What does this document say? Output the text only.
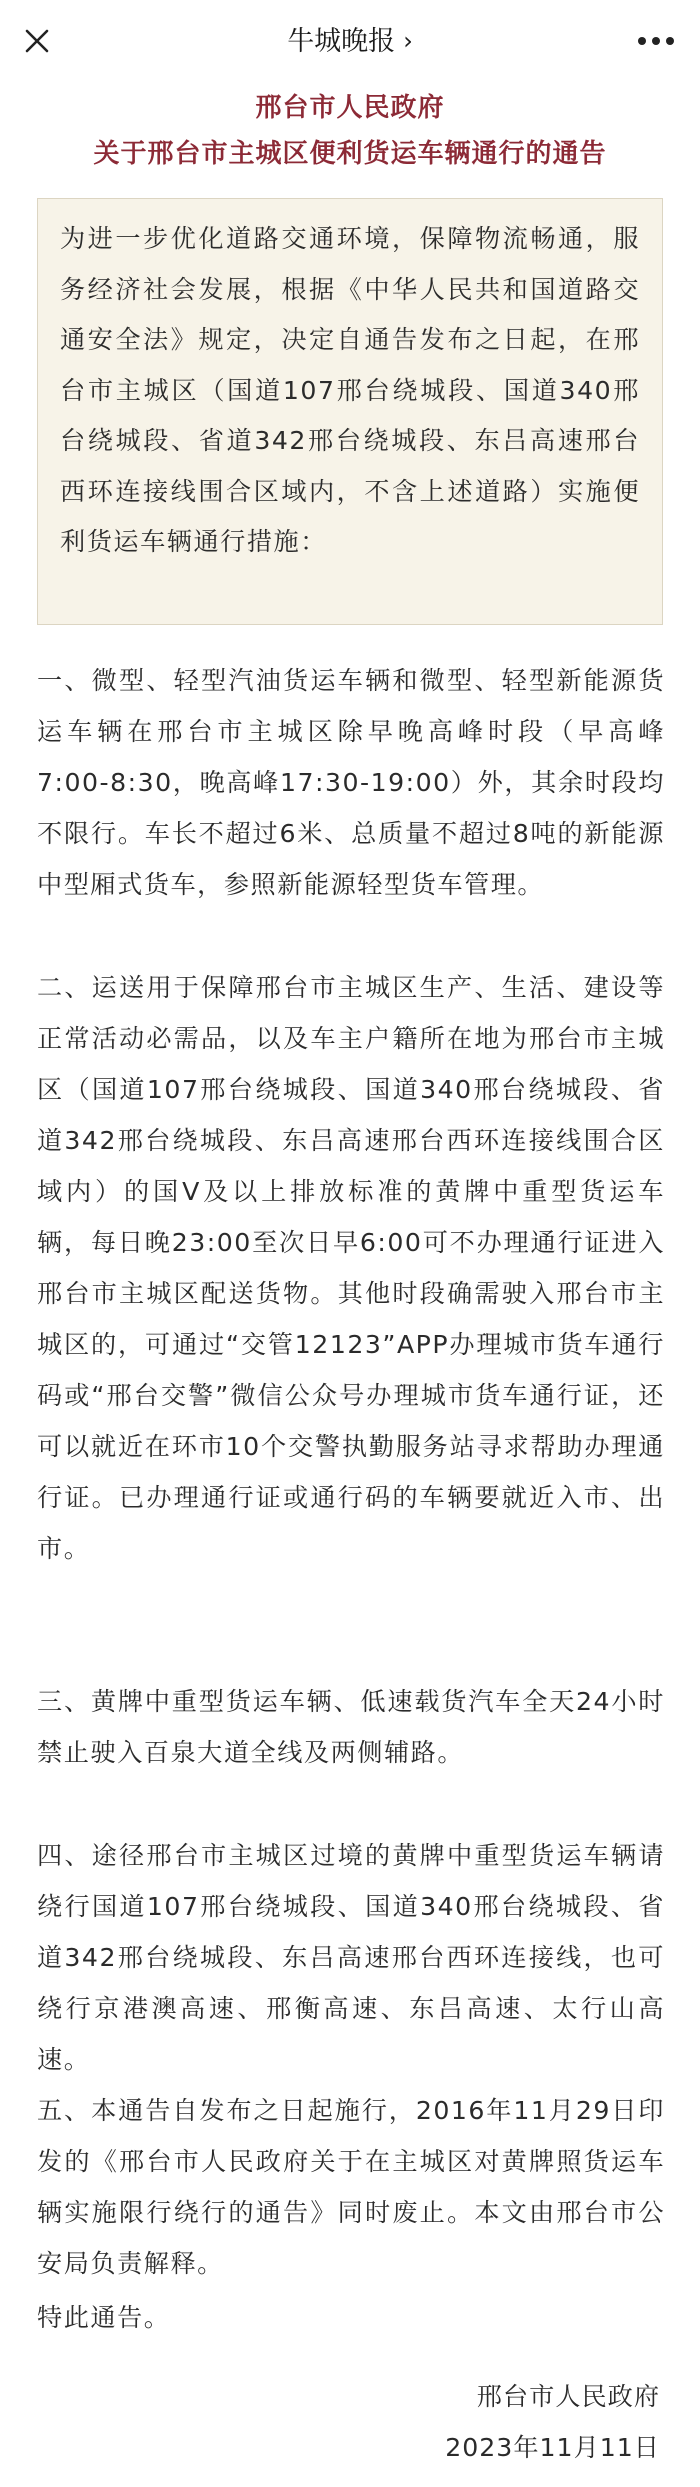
牛城晚报 ›
邢台市人民政府
关于邢台市主城区便利货运车辆通行的通告
为进一步优化道路交通环境，保障物流畅通，服务经济社会发展，根据《中华人民共和国道路交通安全法》规定，决定自通告发布之日起，在邢台市主城区（国道107邢台绕城段、国道340邢台绕城段、省道342邢台绕城段、东吕高速邢台西环连接线围合区域内，不含上述道路）实施便利货运车辆通行措施：

一、微型、轻型汽油货运车辆和微型、轻型新能源货运车辆在邢台市主城区除早晚高峰时段（早高峰7:00-8:30，晚高峰17:30-19:00）外，其余时段均不限行。车长不超过6米、总质量不超过8吨的新能源中型厢式货车，参照新能源轻型货车管理。

二、运送用于保障邢台市主城区生产、生活、建设等正常活动必需品，以及车主户籍所在地为邢台市主城区（国道107邢台绕城段、国道340邢台绕城段、省道342邢台绕城段、东吕高速邢台西环连接线围合区域内）的国V及以上排放标准的黄牌中重型货运车辆，每日晚23:00至次日早6:00可不办理通行证进入邢台市主城区配送货物。其他时段确需驶入邢台市主城区的，可通过“交管12123”APP办理城市货车通行码或“邢台交警”微信公众号办理城市货车通行证，还可以就近在环市10个交警执勤服务站寻求帮助办理通行证。已办理通行证或通行码的车辆要就近入市、出市。

三、黄牌中重型货运车辆、低速载货汽车全天24小时禁止驶入百泉大道全线及两侧辅路。

四、途径邢台市主城区过境的黄牌中重型货运车辆请绕行国道107邢台绕城段、国道340邢台绕城段、省道342邢台绕城段、东吕高速邢台西环连接线，也可绕行京港澳高速、邢衡高速、东吕高速、太行山高速。

五、本通告自发布之日起施行，2016年11月29日印发的《邢台市人民政府关于在主城区对黄牌照货运车辆实施限行绕行的通告》同时废止。本文由邢台市公安局负责解释。

特此通告。

邢台市人民政府
2023年11月11日
